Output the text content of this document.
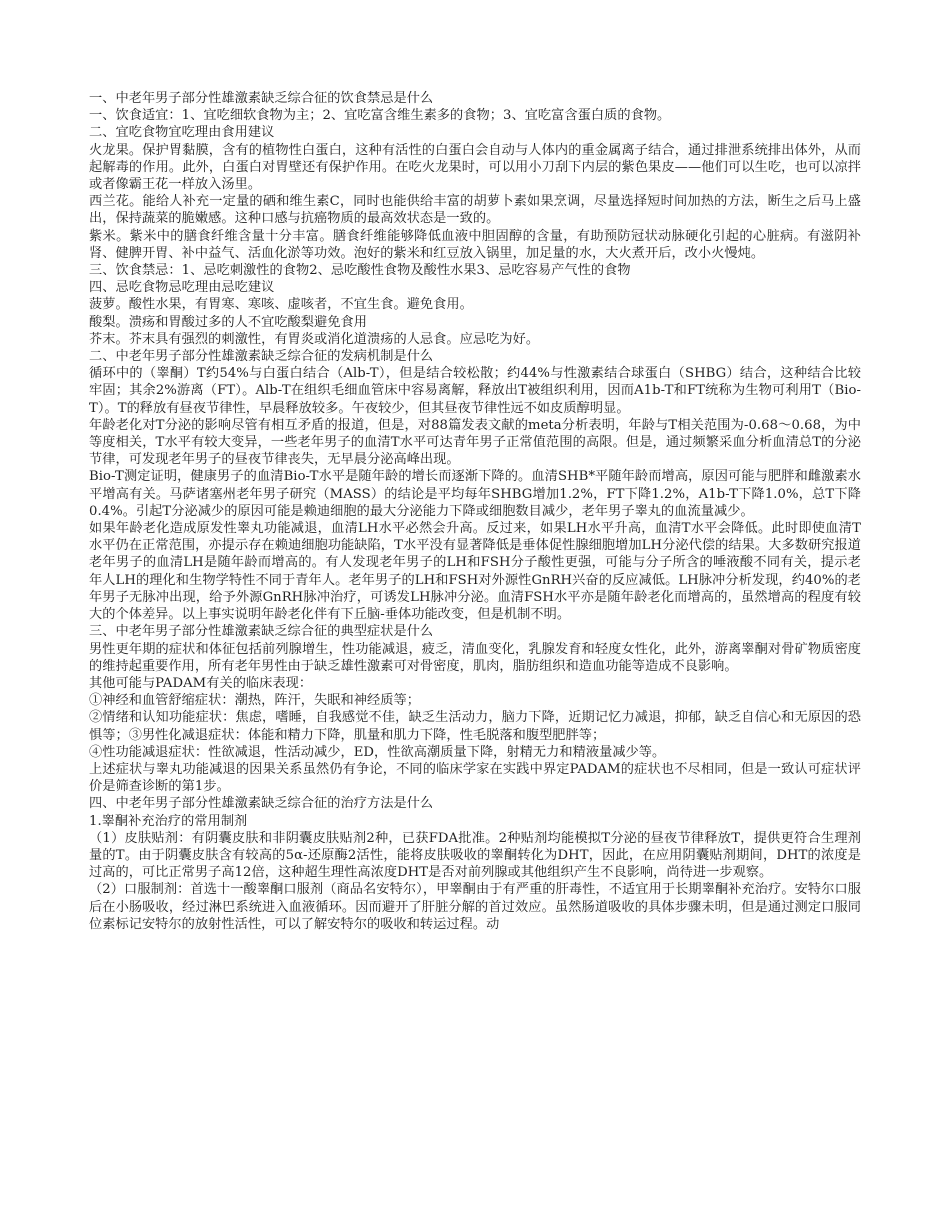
一、中老年男子部分性雄激素缺乏综合征的饮食禁忌是什么

一、饮食适宜：1、宜吃细软食物为主；2、宜吃富含维生素多的食物；3、宜吃富含蛋白质的食物。

二、宜吃食物宜吃理由食用建议

火龙果。保护胃黏膜，含有的植物性白蛋白，这种有活性的白蛋白会自动与人体内的重金属离子结合，通过排泄系统排出体外，从而起解毒的作用。此外，白蛋白对胃壁还有保护作用。在吃火龙果时，可以用小刀刮下内层的紫色果皮——他们可以生吃，也可以凉拌或者像霸王花一样放入汤里。

西兰花。能给人补充一定量的硒和维生素C，同时也能供给丰富的胡萝卜素如果烹调，尽量选择短时间加热的方法，断生之后马上盛出，保持蔬菜的脆嫩感。这种口感与抗癌物质的最高效状态是一致的。

紫米。紫米中的膳食纤维含量十分丰富。膳食纤维能够降低血液中胆固醇的含量，有助预防冠状动脉硬化引起的心脏病。有滋阴补肾、健脾开胃、补中益气、活血化淤等功效。泡好的紫米和红豆放入锅里，加足量的水，大火煮开后，改小火慢炖。

三、饮食禁忌：1、忌吃刺激性的食物2、忌吃酸性食物及酸性水果3、忌吃容易产气性的食物

四、忌吃食物忌吃理由忌吃建议

菠萝。酸性水果，有胃寒、寒咳、虚咳者，不宜生食。避免食用。

酸梨。溃疡和胃酸过多的人不宜吃酸梨避免食用

芥末。芥末具有强烈的刺激性，有胃炎或消化道溃疡的人忌食。应忌吃为好。

二、中老年男子部分性雄激素缺乏综合征的发病机制是什么

循环中的（睾酮）T约54%与白蛋白结合（Alb-T），但是结合较松散；约44%与性激素结合球蛋白（SHBG）结合，这种结合比较牢固；其余2%游离（FT）。Alb-T在组织毛细血管床中容易离解，释放出T被组织利用，因而A1b-T和FT统称为生物可利用T（Bio-T）。T的释放有昼夜节律性，早晨释放较多。午夜较少，但其昼夜节律性远不如皮质醇明显。

年龄老化对T分泌的影响尽管有相互矛盾的报道，但是，对88篇发表文献的meta分析表明，年龄与T相关范围为-0.68～0.68，为中等度相关，T水平有较大变异，一些老年男子的血清T水平可达青年男子正常值范围的高限。但是，通过频繁采血分析血清总T的分泌节律，可发现老年男子的昼夜节律丧失，无早晨分泌高峰出现。

Bio-T测定证明，健康男子的血清Bio-T水平是随年龄的增长而逐渐下降的。血清SHB*平随年龄而增高，原因可能与肥胖和雌激素水平增高有关。马萨诸塞州老年男子研究（MASS）的结论是平均每年SHBG增加1.2%，FT下降1.2%，A1b-T下降1.0%，总T下降0.4%。引起T分泌减少的原因可能是赖迪细胞的最大分泌能力下降或细胞数目减少，老年男子睾丸的血流量减少。

如果年龄老化造成原发性睾丸功能减退，血清LH水平必然会升高。反过来，如果LH水平升高，血清T水平会降低。此时即使血清T水平仍在正常范围，亦提示存在赖迪细胞功能缺陷，T水平没有显著降低是垂体促性腺细胞增加LH分泌代偿的结果。大多数研究报道老年男子的血清LH是随年龄而增高的。有人发现老年男子的LH和FSH分子酸性更强，可能与分子所含的唾液酸不同有关，提示老年人LH的理化和生物学特性不同于青年人。老年男子的LH和FSH对外源性GnRH兴奋的反应减低。LH脉冲分析发现，约40%的老年男子无脉冲出现，给予外源GnRH脉冲治疗，可诱发LH脉冲分泌。血清FSH水平亦是随年龄老化而增高的，虽然增高的程度有较大的个体差异。以上事实说明年龄老化伴有下丘脑-垂体功能改变，但是机制不明。

三、中老年男子部分性雄激素缺乏综合征的典型症状是什么

男性更年期的症状和体征包括前列腺增生，性功能减退，疲乏，清血变化，乳腺发育和轻度女性化，此外，游离睾酮对骨矿物质密度的维持起重要作用，所有老年男性由于缺乏雄性激素可对骨密度，肌肉，脂肪组织和造血功能等造成不良影响。

其他可能与PADAM有关的临床表现：

①神经和血管舒缩症状：潮热，阵汗，失眠和神经质等；

②情绪和认知功能症状：焦虑，嗜睡，自我感觉不佳，缺乏生活动力，脑力下降，近期记忆力减退，抑郁，缺乏自信心和无原因的恐惧等；③男性化减退症状：体能和精力下降，肌量和肌力下降，性毛脱落和腹型肥胖等；

④性功能减退症状：性欲减退，性活动减少，ED，性欲高潮质量下降，射精无力和精液量减少等。

上述症状与睾丸功能减退的因果关系虽然仍有争论，不同的临床学家在实践中界定PADAM的症状也不尽相同，但是一致认可症状评价是筛查诊断的第1步。

四、中老年男子部分性雄激素缺乏综合征的治疗方法是什么

1.睾酮补充治疗的常用制剂

（1）皮肤贴剂：有阴囊皮肤和非阴囊皮肤贴剂2种，已获FDA批准。2种贴剂均能模拟T分泌的昼夜节律释放T，提供更符合生理剂量的T。由于阴囊皮肤含有较高的5α-还原酶2活性，能将皮肤吸收的睾酮转化为DHT，因此，在应用阴囊贴剂期间，DHT的浓度是过高的，可比正常男子高12倍，这种超生理性高浓度DHT是否对前列腺或其他组织产生不良影响，尚待进一步观察。

（2）口服制剂：首选十一酸睾酮口服剂（商品名安特尔），甲睾酮由于有严重的肝毒性，不适宜用于长期睾酮补充治疗。安特尔口服后在小肠吸收，经过淋巴系统进入血液循环。因而避开了肝脏分解的首过效应。虽然肠道吸收的具体步骤未明，但是通过测定口服同位素标记安特尔的放射性活性，可以了解安特尔的吸收和转运过程。动
